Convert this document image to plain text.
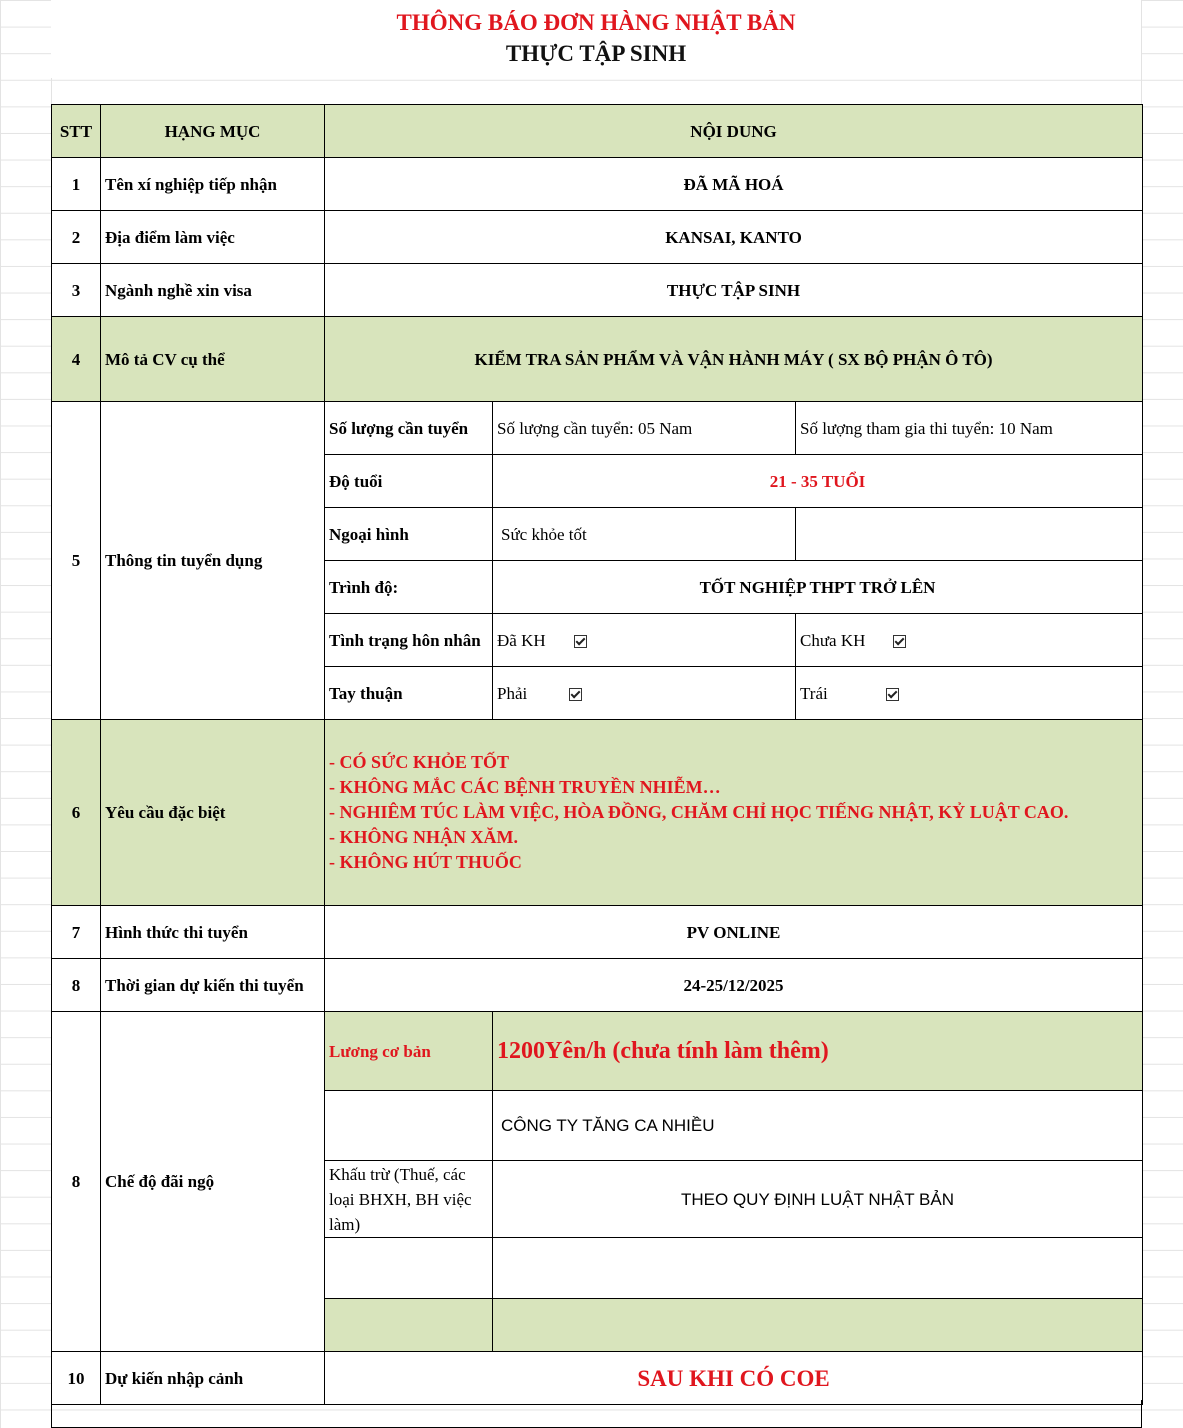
THÔNG BÁO ĐƠN HÀNG NHẬT BẢN
THỰC TẬP SINH
STT	HẠNG MỤC	NỘI DUNG		
1	Tên xí nghiệp tiếp nhận	ĐÃ MÃ HOÁ		
2	Địa điểm làm việc	KANSAI, KANTO		
3	Ngành nghề xin visa	THỰC TẬP SINH		
4	Mô tả CV cụ thể	KIỂM TRA SẢN PHẨM VÀ VẬN HÀNH MÁY ( SX BỘ PHẬN Ô TÔ)		
5	Thông tin tuyển dụng	Số lượng cần tuyển	Số lượng cần tuyển: 05 Nam	Số lượng tham gia thi tuyển: 10 Nam
		Độ tuổi	21 - 35 TUỔI	
		Ngoại hình	Sức khỏe tốt	
		Trình độ:	TỐT NGHIỆP THPT TRỞ LÊN	
		Tình trạng hôn nhân	Đã KH	Chưa KH
		Tay thuận	Phải	Trái
6	Yêu cầu đặc biệt	- CÓ SỨC KHỎE TỐT
- KHÔNG MẮC CÁC BỆNH TRUYỀN NHIỄM…
- NGHIÊM TÚC LÀM VIỆC, HÒA ĐỒNG, CHĂM CHỈ HỌC TIẾNG NHẬT, KỶ LUẬT CAO.
- KHÔNG NHẬN XĂM.
- KHÔNG HÚT THUỐC		

7	Hình thức thi tuyển	PV ONLINE		
8	Thời gian dự kiến thi tuyển	24-25/12/2025		
8	Chế độ đãi ngộ	Lương cơ bản	1200Yên/h (chưa tính làm thêm)	
			CÔNG TY TĂNG CA NHIỀU	
		Khấu trừ (Thuế, các loại BHXH, BH việc làm)	THEO QUY ĐỊNH LUẬT NHẬT BẢN	

10	Dự kiến nhập cảnh	SAU KHI CÓ COE		
